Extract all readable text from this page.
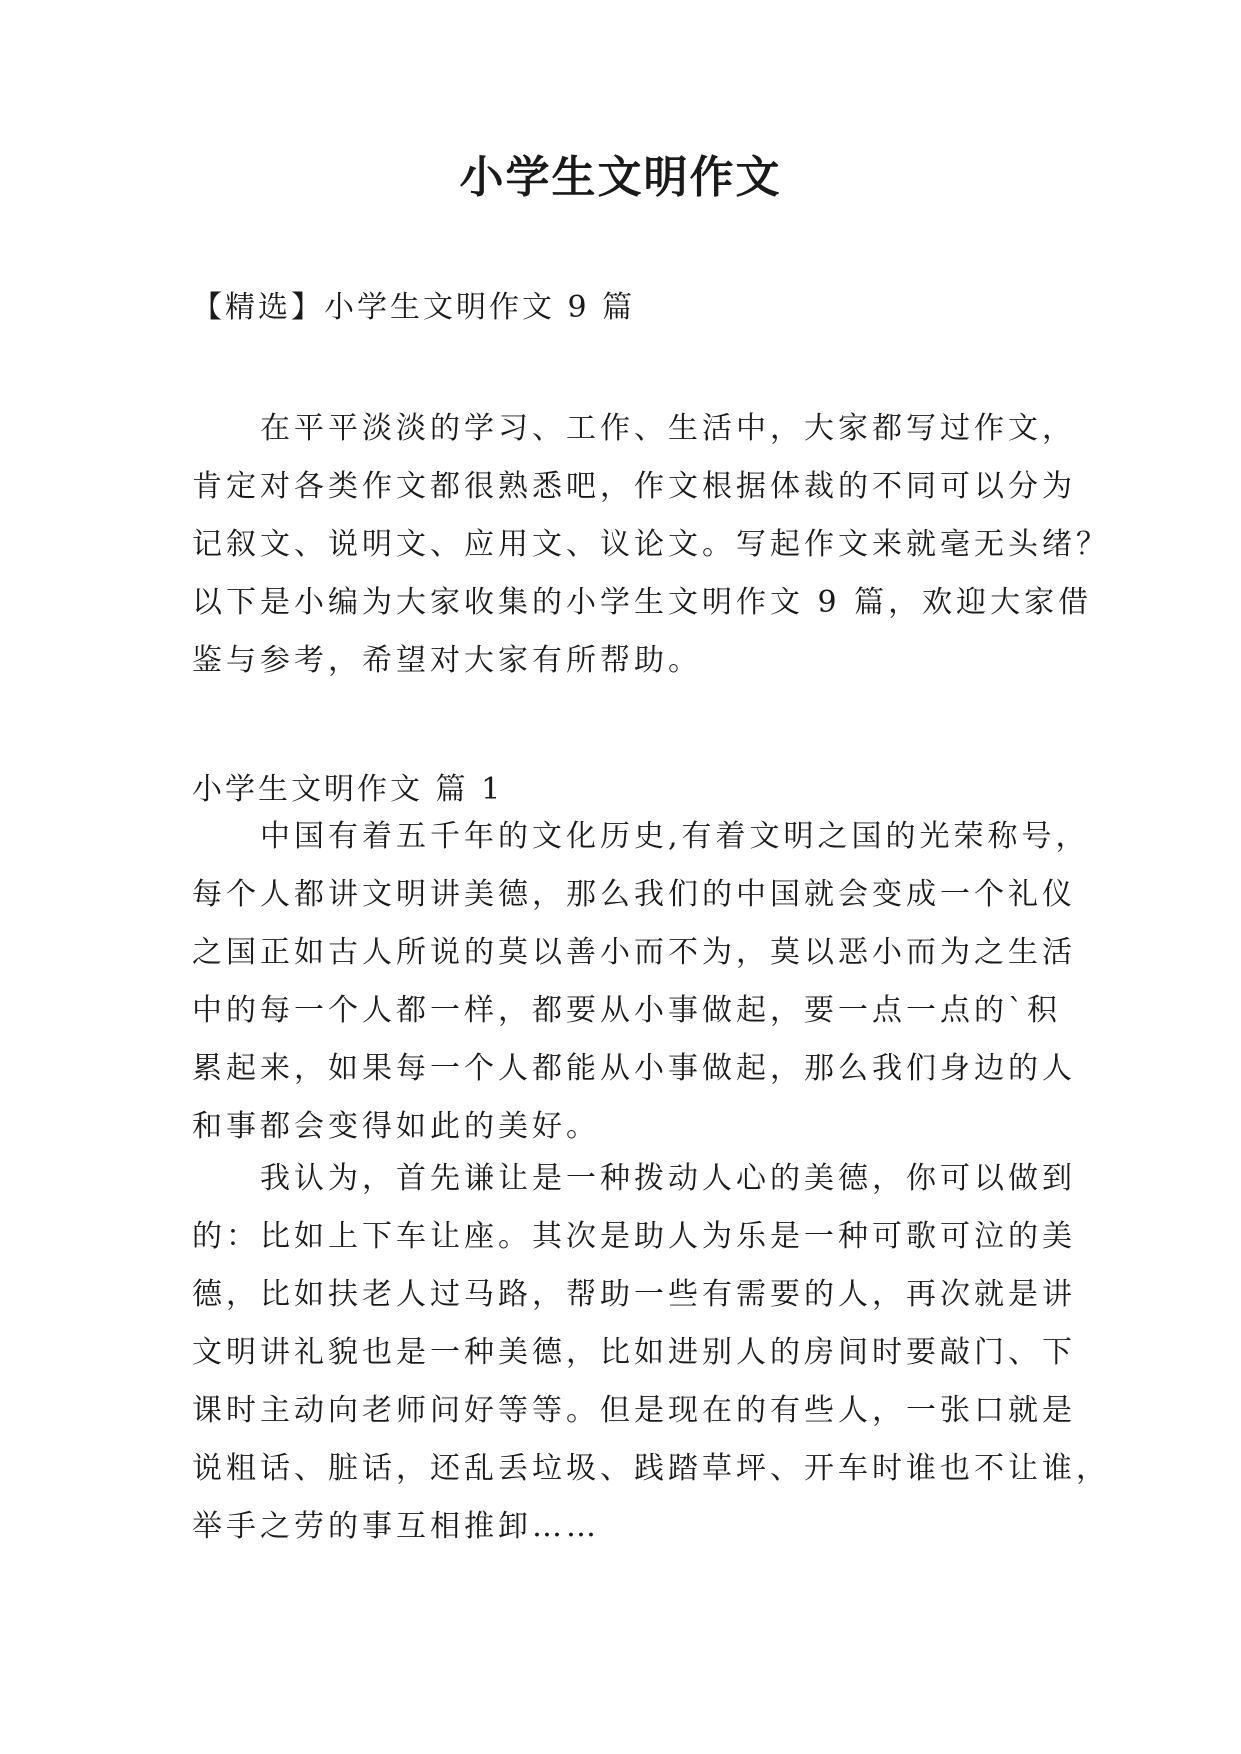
小学生文明作文
【精选】小学生文明作文 9 篇
在平平淡淡的学习、工作、生活中，大家都写过作文，
肯定对各类作文都很熟悉吧，作文根据体裁的不同可以分为
记叙文、说明文、应用文、议论文。写起作文来就毫无头绪？
以下是小编为大家收集的小学生文明作文 9 篇，欢迎大家借
鉴与参考，希望对大家有所帮助。
小学生文明作文 篇 1
中国有着五千年的文化历史,有着文明之国的光荣称号，
每个人都讲文明讲美德，那么我们的中国就会变成一个礼仪
之国正如古人所说的莫以善小而不为，莫以恶小而为之生活
中的每一个人都一样，都要从小事做起，要一点一点的`积
累起来，如果每一个人都能从小事做起，那么我们身边的人
和事都会变得如此的美好。
我认为，首先谦让是一种拨动人心的美德，你可以做到
的：比如上下车让座。其次是助人为乐是一种可歌可泣的美
德，比如扶老人过马路，帮助一些有需要的人，再次就是讲
文明讲礼貌也是一种美德，比如进别人的房间时要敲门、下
课时主动向老师问好等等。但是现在的有些人，一张口就是
说粗话、脏话，还乱丢垃圾、践踏草坪、开车时谁也不让谁，
举手之劳的事互相推卸……
